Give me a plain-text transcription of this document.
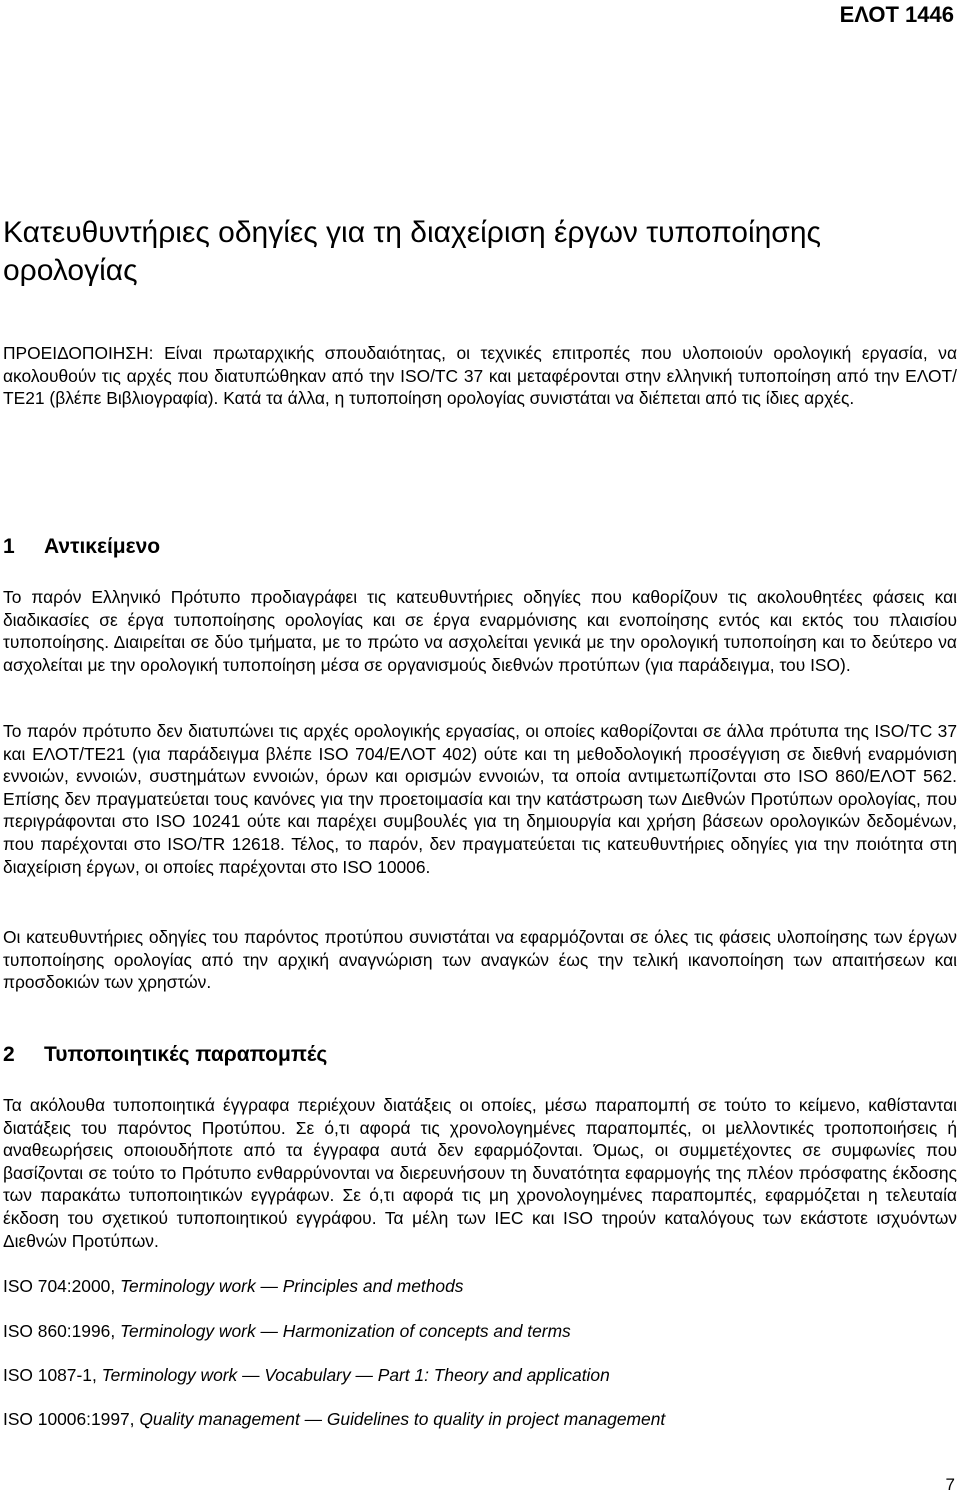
ΕΛΟΤ 1446
Κατευθυντήριες οδηγίες για τη διαχείριση έργων τυποποίησης ορολογίας

ΠΡΟΕΙΔΟΠΟΙΗΣΗ: Είναι πρωταρχικής σπουδαιότητας, οι τεχνικές επιτροπές που υλοποιούν ορολογική εργασία, να ακολουθούν τις αρχές που διατυπώθηκαν από την ISO/TC 37 και μεταφέρονται στην ελληνική τυποποίηση από την ΕΛΟΤ/ΤΕ21 (βλέπε Βιβλιογραφία). Κατά τα άλλα, η τυποποίηση ορολογίας συνιστάται να διέπεται από τις ίδιες αρχές.

1 Αντικείμενο

Το παρόν Ελληνικό Πρότυπο προδιαγράφει τις κατευθυντήριες οδηγίες που καθορίζουν τις ακολουθητέες φάσεις και διαδικασίες σε έργα τυποποίησης ορολογίας και σε έργα εναρμόνισης και ενοποίησης εντός και εκτός του πλαισίου τυποποίησης. Διαιρείται σε δύο τμήματα, με το πρώτο να ασχολείται γενικά με την ορολογική τυποποίηση και το δεύτερο να ασχολείται με την ορολογική τυποποίηση μέσα σε οργανισμούς διεθνών προτύπων (για παράδειγμα, του ISO).

Το παρόν πρότυπο δεν διατυπώνει τις αρχές ορολογικής εργασίας, οι οποίες καθορίζονται σε άλλα πρότυπα της ISO/TC 37 και ΕΛΟΤ/ΤΕ21 (για παράδειγμα βλέπε ISO 704/ΕΛΟΤ 402) ούτε και τη μεθοδολογική προσέγγιση σε διεθνή εναρμόνιση εννοιών, εννοιών, συστημάτων εννοιών, όρων και ορισμών εννοιών, τα οποία αντιμετωπίζονται στο ISO 860/ΕΛΟΤ 562. Επίσης δεν πραγματεύεται τους κανόνες για την προετοιμασία και την κατάστρωση των Διεθνών Προτύπων ορολογίας, που περιγράφονται στο ISO 10241 ούτε και παρέχει συμβουλές για τη δημιουργία και χρήση βάσεων ορολογικών δεδομένων, που παρέχονται στο ISO/TR 12618. Τέλος, το παρόν, δεν πραγματεύεται τις κατευθυντήριες οδηγίες για την ποιότητα στη διαχείριση έργων, οι οποίες παρέχονται στο ISO 10006.

Οι κατευθυντήριες οδηγίες του παρόντος προτύπου συνιστάται να εφαρμόζονται σε όλες τις φάσεις υλοποίησης των έργων τυποποίησης ορολογίας από την αρχική αναγνώριση των αναγκών έως την τελική ικανοποίηση των απαιτήσεων και προσδοκιών των χρηστών.

2 Τυποποιητικές παραπομπές

Τα ακόλουθα τυποποιητικά έγγραφα περιέχουν διατάξεις οι οποίες, μέσω παραπομπή σε τούτο το κείμενο, καθίστανται διατάξεις του παρόντος Προτύπου. Σε ό,τι αφορά τις χρονολογημένες παραπομπές, οι μελλοντικές τροποποιήσεις ή αναθεωρήσεις οποιουδήποτε από τα έγγραφα αυτά δεν εφαρμόζονται. Όμως, οι συμμετέχοντες σε συμφωνίες που βασίζονται σε τούτο το Πρότυπο ενθαρρύνονται να διερευνήσουν τη δυνατότητα εφαρμογής της πλέον πρόσφατης έκδοσης των παρακάτω τυποποιητικών εγγράφων. Σε ό,τι αφορά τις μη χρονολογημένες παραπομπές, εφαρμόζεται η τελευταία έκδοση του σχετικού τυποποιητικού εγγράφου. Τα μέλη των IEC και ISO τηρούν καταλόγους των εκάστοτε ισχυόντων Διεθνών Προτύπων.

ISO 704:2000, Terminology work — Principles and methods
ISO 860:1996, Terminology work — Harmonization of concepts and terms
ISO 1087-1, Terminology work — Vocabulary — Part 1: Theory and application
ISO 10006:1997, Quality management — Guidelines to quality in project management
7
